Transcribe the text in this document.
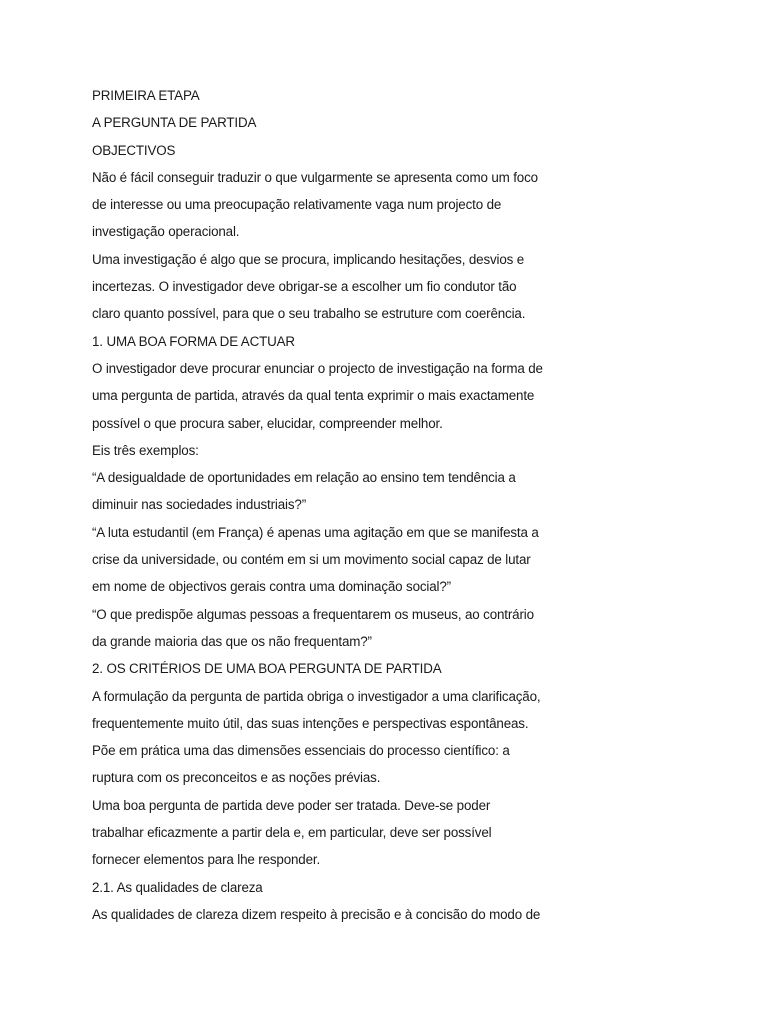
PRIMEIRA ETAPA
A PERGUNTA DE PARTIDA
OBJECTIVOS
Não é fácil conseguir traduzir o que vulgarmente se apresenta como um foco
de interesse ou uma preocupação relativamente vaga num projecto de
investigação operacional.
Uma investigação é algo que se procura, implicando hesitações, desvios e
incertezas. O investigador deve obrigar-se a escolher um fio condutor tão
claro quanto possível, para que o seu trabalho se estruture com coerência.
1. UMA BOA FORMA DE ACTUAR
O investigador deve procurar enunciar o projecto de investigação na forma de
uma pergunta de partida, através da qual tenta exprimir o mais exactamente
possível o que procura saber, elucidar, compreender melhor.
Eis três exemplos:
“A desigualdade de oportunidades em relação ao ensino tem tendência a
diminuir nas sociedades industriais?”
“A luta estudantil (em França) é apenas uma agitação em que se manifesta a
crise da universidade, ou contém em si um movimento social capaz de lutar
em nome de objectivos gerais contra uma dominação social?”
“O que predispõe algumas pessoas a frequentarem os museus, ao contrário
da grande maioria das que os não frequentam?”
2. OS CRITÉRIOS DE UMA BOA PERGUNTA DE PARTIDA
A formulação da pergunta de partida obriga o investigador a uma clarificação,
frequentemente muito útil, das suas intenções e perspectivas espontâneas.
Põe em prática uma das dimensões essenciais do processo científico: a
ruptura com os preconceitos e as noções prévias.
Uma boa pergunta de partida deve poder ser tratada. Deve-se poder
trabalhar eficazmente a partir dela e, em particular, deve ser possível
fornecer elementos para lhe responder.
2.1. As qualidades de clareza
As qualidades de clareza dizem respeito à precisão e à concisão do modo de
